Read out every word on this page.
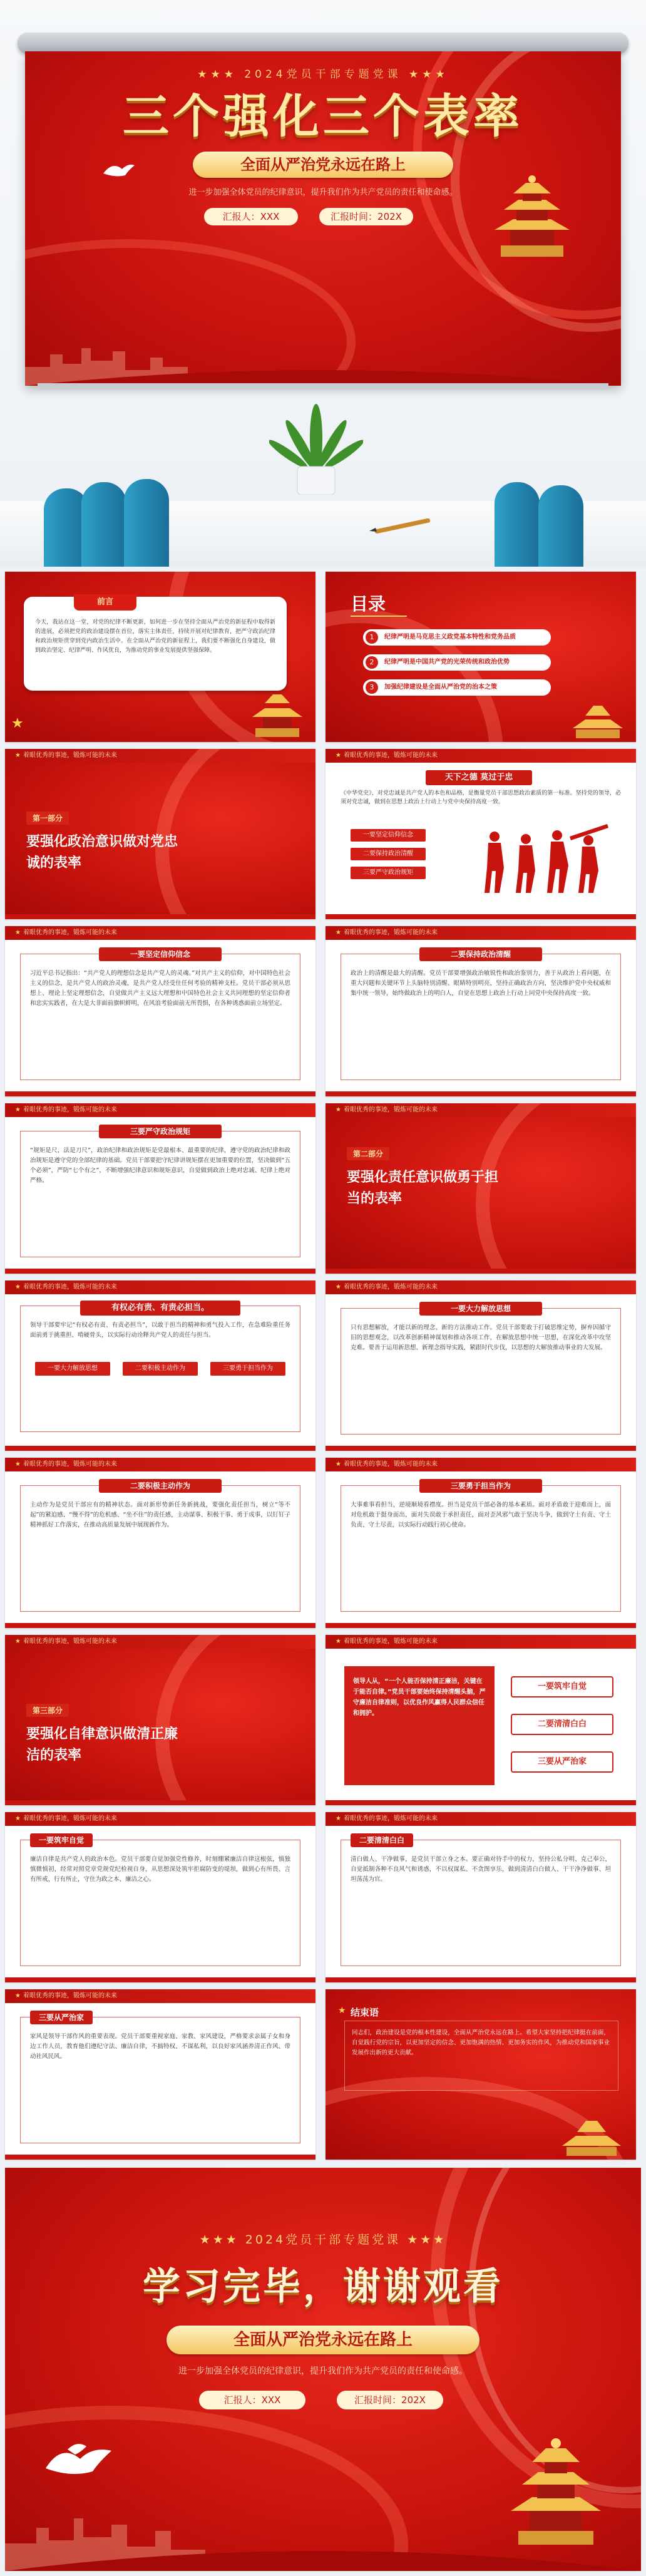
★★★ 2024党员干部专题党课 ★★★
三个强化三个表率
全面从严治党永远在路上
进一步加强全体党员的纪律意识，提升我们作为共产党员的责任和使命感。
汇报人：XXX	汇报时间：202X
前言
今天，我站在这一堂，对党的纪律不断更新，如何进一步在坚持全面从严治党的新征程中取得新的进展，必须把党的政治建设摆在首位，落实主体责任，持续开展对纪律教育，把严守政治纪律和政治规矩贯穿到党内政治生活中。在全面从严治党的新征程上，我们要不断强化自身建设，做到政治坚定、纪律严明、作风优良，为推动党的事业发展提供坚强保障。
★
目录
1	纪律严明是马克思主义政党基本特性和党务品质
2	纪律严明是中国共产党的光荣传统和政治优势
3	加强纪律建设是全面从严治党的治本之策
★ 着眼优秀的事迹，锻炼可能的未来
第一部分
要强化政治意识做对党忠诚的表率
★ 着眼优秀的事迹，锻炼可能的未来
天下之德 莫过于忠
《中华党史》，对党忠诚是共产党人的本色和品格，是衡量党员干部思想政治素质的第一标准。坚持党的领导，必须对党忠诚，做到在思想上政治上行动上与党中央保持高度一致。
一要坚定信仰信念
二要保持政治清醒
三要严守政治规矩
★ 着眼优秀的事迹，锻炼可能的未来
一要坚定信仰信念
习近平总书记指出：“共产党人的理想信念是共产党人的灵魂。”对共产主义的信仰，对中国特色社会主义的信念，是共产党人的政治灵魂，是共产党人经受住任何考验的精神支柱。党员干部必须从思想上、理论上坚定理想信念，自觉做共产主义远大理想和中国特色社会主义共同理想的坚定信仰者和忠实实践者，在大是大非面前旗帜鲜明，在风浪考验面前无所畏惧，在各种诱惑面前立场坚定。
★ 着眼优秀的事迹，锻炼可能的未来
二要保持政治清醒
政治上的清醒是最大的清醒。党员干部要增强政治敏锐性和政治鉴别力，善于从政治上看问题，在重大问题和关键环节上头脑特别清醒、眼睛特别明亮，坚持正确政治方向，坚决维护党中央权威和集中统一领导，始终做政治上的明白人，自觉在思想上政治上行动上同党中央保持高度一致。
★ 着眼优秀的事迹，锻炼可能的未来
三要严守政治规矩
“规矩是尺，法是刀尺”，政治纪律和政治规矩是党最根本、最重要的纪律，遵守党的政治纪律和政治规矩是遵守党的全部纪律的基础。党员干部要把守纪律讲规矩摆在更加重要的位置，坚决做到“五个必须”，严防“七个有之”，不断增强纪律意识和规矩意识，自觉做到政治上绝对忠诚、纪律上绝对严格。
★ 着眼优秀的事迹，锻炼可能的未来
第二部分
要强化责任意识做勇于担当的表率
★ 着眼优秀的事迹，锻炼可能的未来
有权必有责、有责必担当。
领导干部要牢记“有权必有责、有责必担当”，以敢于担当的精神和勇气投入工作，在急难险重任务面前勇于挑重担、啃硬骨头，以实际行动诠释共产党人的责任与担当。
一要大力解放思想	二要积极主动作为	三要勇于担当作为
★ 着眼优秀的事迹，锻炼可能的未来
一要大力解放思想
只有思想解放，才能以新的理念、新的方法推动工作。党员干部要敢于打破思维定势，摒弃因循守旧的思想观念，以改革创新精神谋划和推动各项工作，在解放思想中统一思想，在深化改革中攻坚克难。要善于运用新思想、新理念指导实践，紧跟时代步伐，以思想的大解放推动事业的大发展。
★ 着眼优秀的事迹，锻炼可能的未来
二要积极主动作为
主动作为是党员干部应有的精神状态。面对新形势新任务新挑战，要强化责任担当，树立“等不起”的紧迫感、“慢不得”的危机感、“坐不住”的责任感，主动谋事、积极干事、勇于成事，以钉钉子精神抓好工作落实，在推动高质量发展中展现新作为。
★ 着眼优秀的事迹，锻炼可能的未来
三要勇于担当作为
大事难事看担当，逆境顺境看襟度。担当是党员干部必备的基本素质。面对矛盾敢于迎难而上，面对危机敢于挺身而出，面对失误敢于承担责任，面对歪风邪气敢于坚决斗争，做到守土有责、守土负责、守土尽责，以实际行动践行初心使命。
★ 着眼优秀的事迹，锻炼可能的未来
第三部分
要强化自律意识做清正廉洁的表率
★ 着眼优秀的事迹，锻炼可能的未来
领导人从，“一个人能否保持清正廉洁，关键在于能否自律。”党员干部要始终保持清醒头脑，严守廉洁自律准则，以优良作风赢得人民群众信任和拥护。
一要筑牢自觉
二要清清白白
三要从严治家
★ 着眼优秀的事迹，锻炼可能的未来
一要筑牢自觉
廉洁自律是共产党人的政治本色。党员干部要自觉加强党性修养，时刻绷紧廉洁自律这根弦，慎独慎微慎初，经常对照党章党规党纪检视自身，从思想深处筑牢拒腐防变的堤坝，做到心有所畏、言有所戒、行有所止，守住为政之本、廉洁之心。
★ 着眼优秀的事迹，锻炼可能的未来
二要清清白白
清白做人、干净做事，是党员干部立身之本。要正确对待手中的权力，坚持公私分明、克己奉公，自觉抵制各种不良风气和诱惑，不以权谋私、不贪图享乐，做到清清白白做人、干干净净做事、坦坦荡荡为官。
★ 着眼优秀的事迹，锻炼可能的未来
三要从严治家
家风是领导干部作风的重要表现。党员干部要重视家庭、家教、家风建设，严格要求亲属子女和身边工作人员，教育他们遵纪守法、廉洁自律，不搞特权、不谋私利，以良好家风涵养清正作风、带动社风民风。
★ 结束语
同志们，政治建设是党的根本性建设，全面从严治党永远在路上。希望大家坚持把纪律挺在前面，自觉践行党的宗旨，以更加坚定的信念、更加饱满的热情、更加务实的作风，为推动党和国家事业发展作出新的更大贡献。
★★★ 2024党员干部专题党课 ★★★
学习完毕，谢谢观看
全面从严治党永远在路上
进一步加强全体党员的纪律意识，提升我们作为共产党员的责任和使命感。
汇报人：XXX	汇报时间：202X
